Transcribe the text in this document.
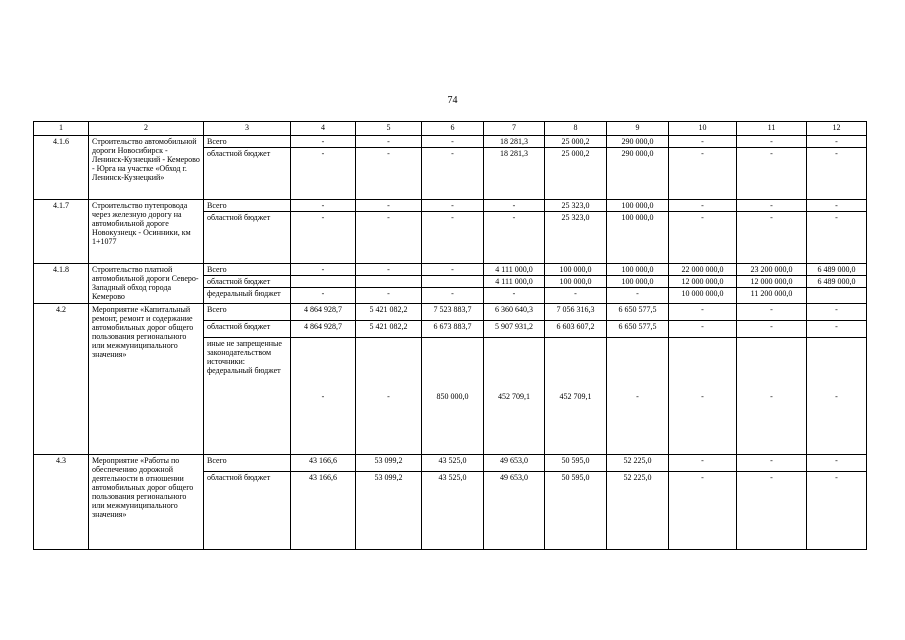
74
1	2	3	4	5	6	7	8	9	10	11	12
4.1.6	Строительство автомобильной дороги Новосибирск - Ленинск-Кузнецкий - Кемерово - Юрга на участке «Обход г. Ленинск-Кузнецкий»	Всего	-	-	-	18 281,3	25 000,2	290 000,0	-	-	-
		областной бюджет	-	-	-	18 281,3	25 000,2	290 000,0	-	-	-
4.1.7	Строительство путепровода через железную дорогу на автомобильной дороге Новокузнецк - Осинники, км 1+1077	Всего	-	-	-	-	25 323,0	100 000,0	-	-	-
		областной бюджет	-	-	-	-	25 323,0	100 000,0	-	-	-
4.1.8	Строительство платной автомобильной дороги Северо-Западный обход города Кемерово	Всего	-	-	-	4 111 000,0	100 000,0	100 000,0	22 000 000,0	23 200 000,0	6 489 000,0
		областной бюджет				4 111 000,0	100 000,0	100 000,0	12 000 000,0	12 000 000,0	6 489 000,0
		федеральный бюджет	-	-	-	-	-	-	10 000 000,0	11 200 000,0	
4.2	Мероприятие «Капитальный ремонт, ремонт и содержание автомобильных дорог общего пользования регионального или межмуниципального значения»	Всего	4 864 928,7	5 421 082,2	7 523 883,7	6 360 640,3	7 056 316,3	6 650 577,5	-	-	-
		областной бюджет	4 864 928,7	5 421 082,2	6 673 883,7	5 907 931,2	6 603 607,2	6 650 577,5	-	-	-
		иные не запрещенные законодательством источники: федеральный бюджет	-	-	850 000,0	452 709,1	452 709,1	-	-	-	-
4.3	Мероприятие «Работы по обеспечению дорожной деятельности в отношении автомобильных дорог общего пользования регионального или межмуниципального значения»	Всего	43 166,6	53 099,2	43 525,0	49 653,0	50 595,0	52 225,0	-	-	-
		областной бюджет	43 166,6	53 099,2	43 525,0	49 653,0	50 595,0	52 225,0	-	-	-
